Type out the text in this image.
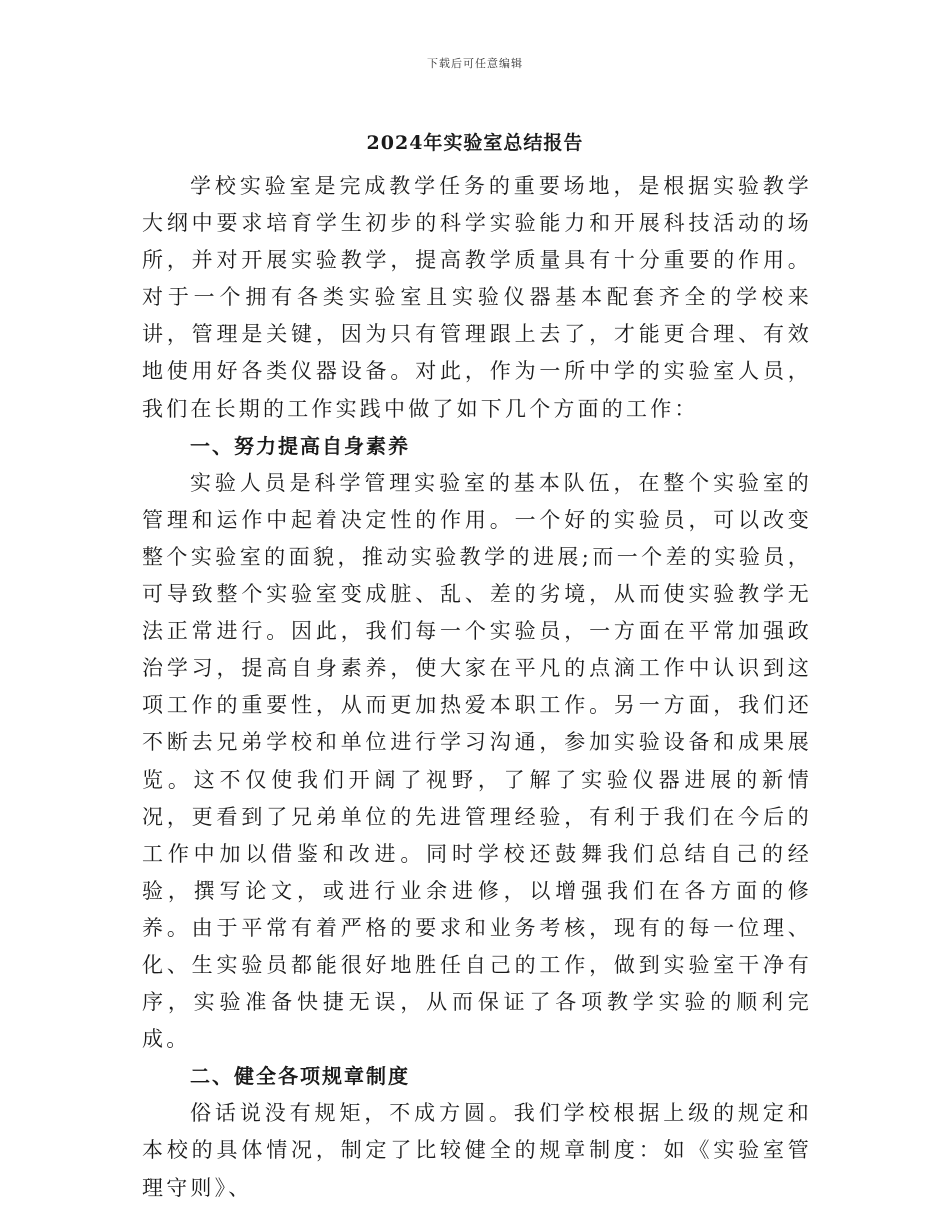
下载后可任意编辑
2024年实验室总结报告

学校实验室是完成教学任务的重要场地，是根据实验教学大纲中要求培育学生初步的科学实验能力和开展科技活动的场所，并对开展实验教学，提高教学质量具有十分重要的作用。对于一个拥有各类实验室且实验仪器基本配套齐全的学校来讲，管理是关键，因为只有管理跟上去了，才能更合理、有效地使用好各类仪器设备。对此，作为一所中学的实验室人员，我们在长期的工作实践中做了如下几个方面的工作：

一、努力提高自身素养

实验人员是科学管理实验室的基本队伍，在整个实验室的管理和运作中起着决定性的作用。一个好的实验员，可以改变整个实验室的面貌，推动实验教学的进展;而一个差的实验员，可导致整个实验室变成脏、乱、差的劣境，从而使实验教学无法正常进行。因此，我们每一个实验员，一方面在平常加强政治学习，提高自身素养，使大家在平凡的点滴工作中认识到这项工作的重要性，从而更加热爱本职工作。另一方面，我们还不断去兄弟学校和单位进行学习沟通，参加实验设备和成果展览。这不仅使我们开阔了视野，了解了实验仪器进展的新情况，更看到了兄弟单位的先进管理经验，有利于我们在今后的工作中加以借鉴和改进。同时学校还鼓舞我们总结自己的经验，撰写论文，或进行业余进修，以增强我们在各方面的修养。由于平常有着严格的要求和业务考核，现有的每一位理、化、生实验员都能很好地胜任自己的工作，做到实验室干净有序，实验准备快捷无误，从而保证了各项教学实验的顺利完成。

二、健全各项规章制度

俗话说没有规矩，不成方圆。我们学校根据上级的规定和本校的具体情况，制定了比较健全的规章制度：如《实验室管理守则》、
